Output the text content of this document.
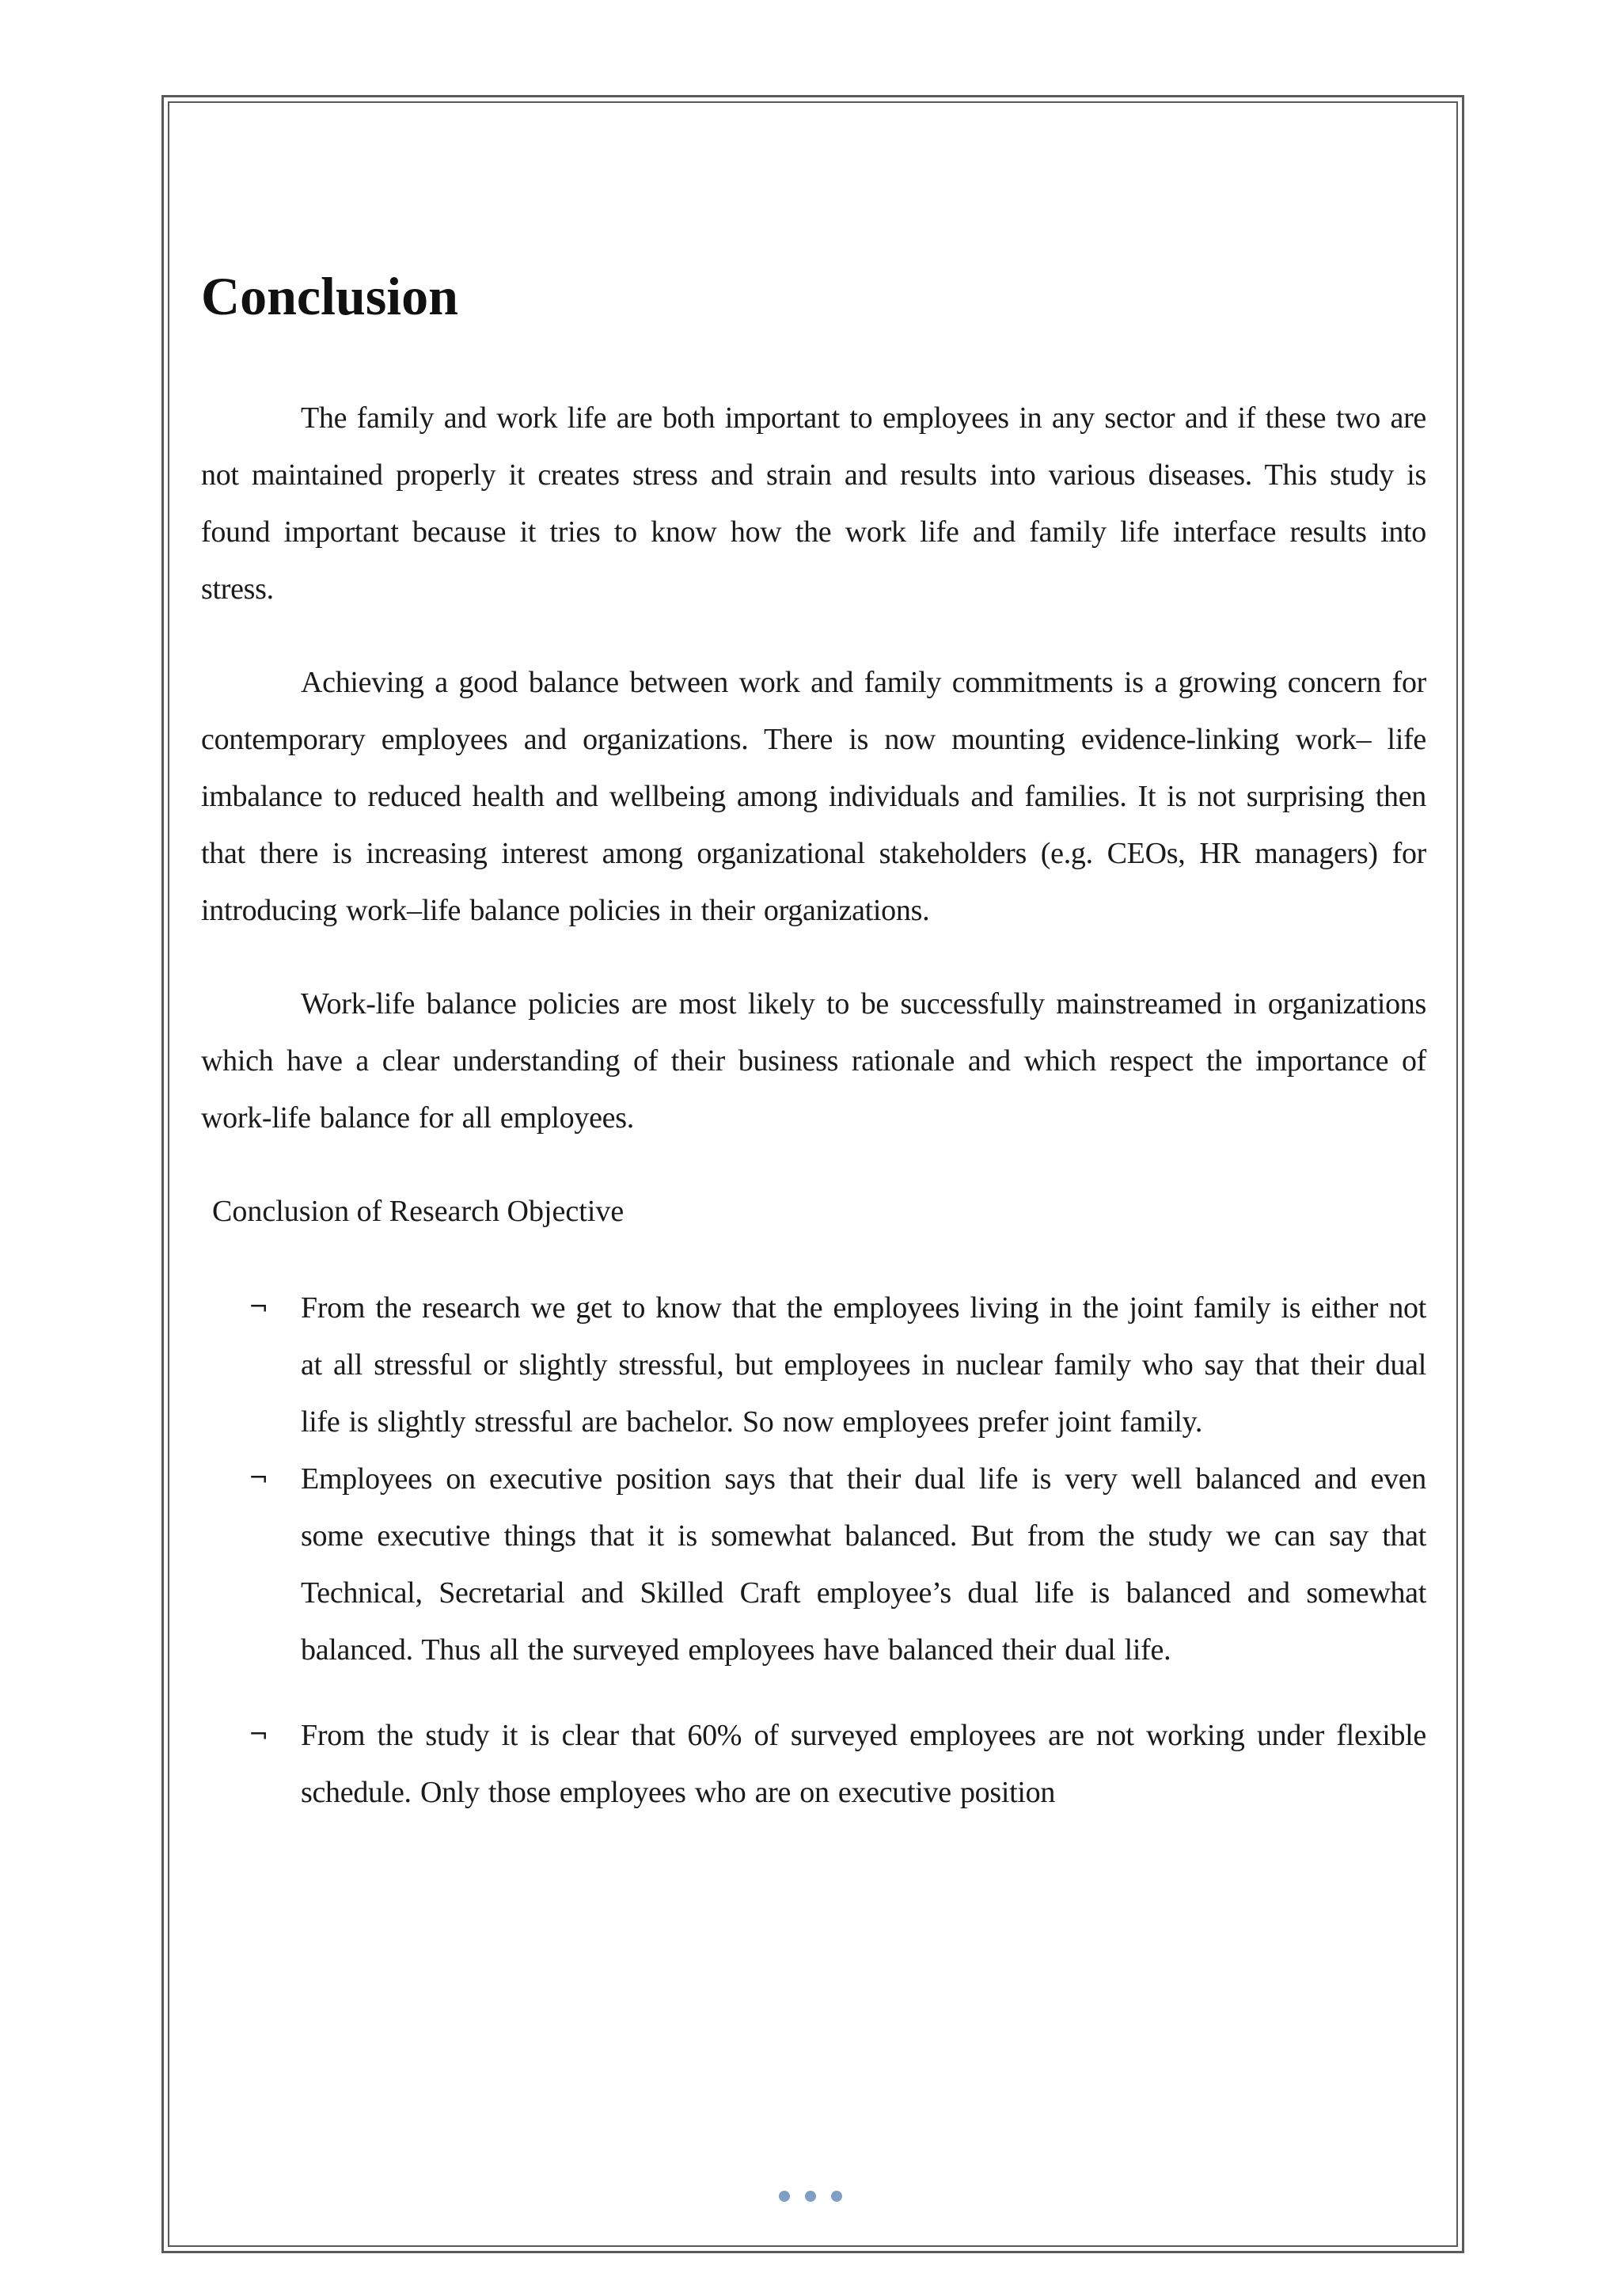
Conclusion

The family and work life are both important to employees in any sector and if these two are not maintained properly it creates stress and strain and results into various diseases. This study is found important because it tries to know how the work life and family life interface results into stress.

Achieving a good balance between work and family commitments is a growing concern for contemporary employees and organizations. There is now mounting evidence-linking work– life imbalance to reduced health and wellbeing among individuals and families. It is not surprising then that there is increasing interest among organizational stakeholders (e.g. CEOs, HR managers) for introducing work–life balance policies in their organizations.

Work-life balance policies are most likely to be successfully mainstreamed in organizations which have a clear understanding of their business rationale and which respect the importance of work-life balance for all employees.

Conclusion of Research Objective
¬ From the research we get to know that the employees living in the joint family is either not at all stressful or slightly stressful, but employees in nuclear family who say that their dual life is slightly stressful are bachelor. So now employees prefer joint family.
¬ Employees on executive position says that their dual life is very well balanced and even some executive things that it is somewhat balanced. But from the study we can say that Technical, Secretarial and Skilled Craft employee’s dual life is balanced and somewhat balanced. Thus all the surveyed employees have balanced their dual life.
¬ From the study it is clear that 60% of surveyed employees are not working under flexible schedule. Only those employees who are on executive position
